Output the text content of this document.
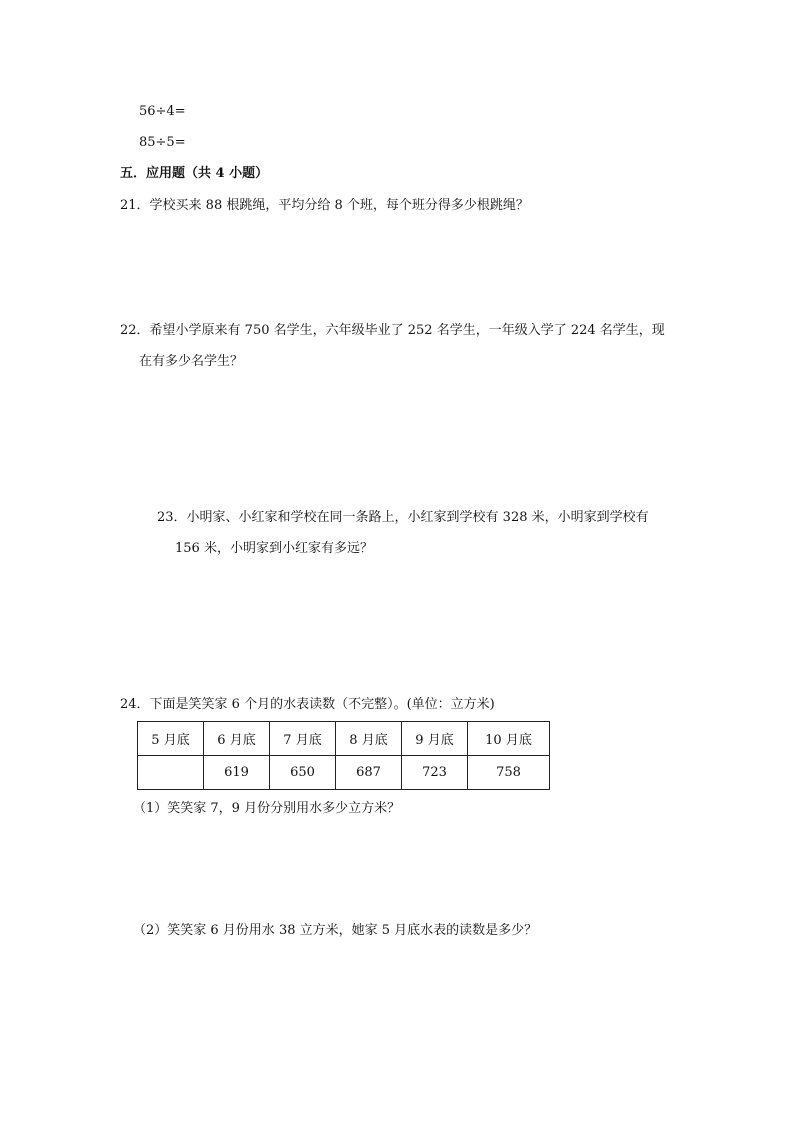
56÷4=
85÷5=
五．应用题（共 4 小题）
21．学校买来 88 根跳绳，平均分给 8 个班，每个班分得多少根跳绳？
22．希望小学原来有 750 名学生，六年级毕业了 252 名学生，一年级入学了 224 名学生，现
在有多少名学生？
23．小明家、小红家和学校在同一条路上，小红家到学校有 328 米，小明家到学校有
156 米，小明家到小红家有多远？
24．下面是笑笑家 6 个月的水表读数（不完整）。(单位：立方米)
5 月底	6 月底	7 月底	8 月底	9 月底	10 月底
	619	650	687	723	758
（1）笑笑家 7，9 月份分别用水多少立方米？
（2）笑笑家 6 月份用水 38 立方米，她家 5 月底水表的读数是多少？
